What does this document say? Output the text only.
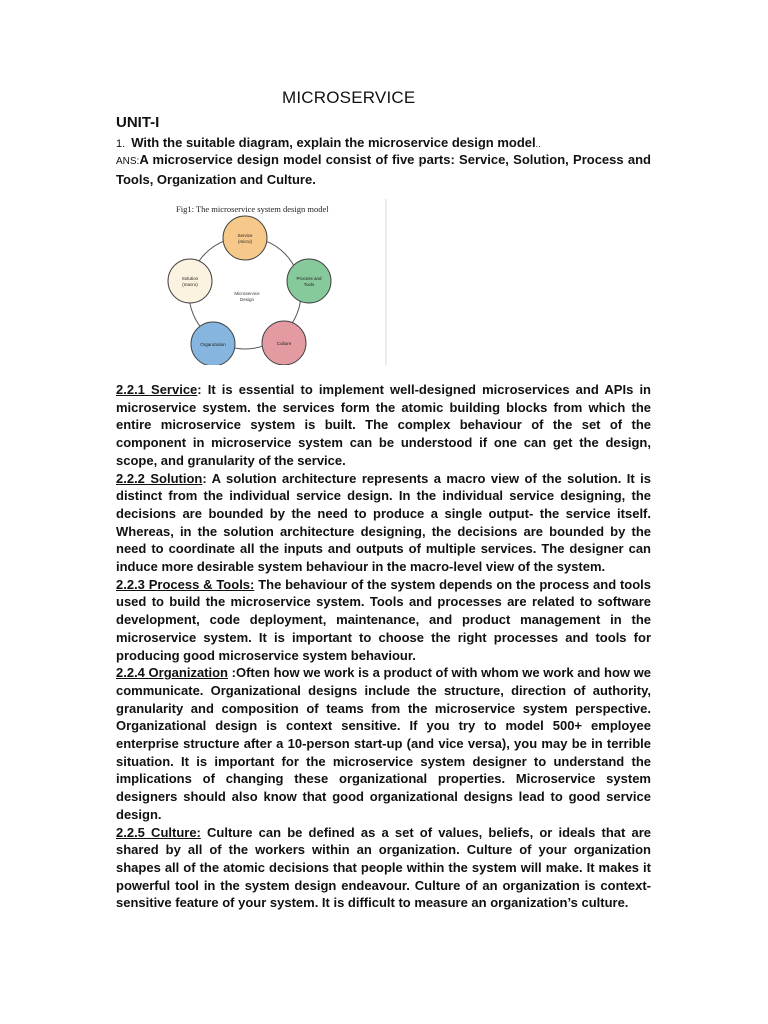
MICROSERVICE
UNIT-I
1. With the suitable diagram, explain the microservice design model..
ANS:A microservice design model consist of five parts: Service, Solution, Process and Tools, Organization and Culture.
Fig1: The microservice system design model
Microservice
Design
Service
(micro)
Process and
Tools
Culture
Organization
Solution
(macro)

2.2.1 Service: It is essential to implement well-designed microservices and APIs in microservice system. the services form the atomic building blocks from which the entire microservice system is built. The complex behaviour of the set of the component in microservice system can be understood if one can get the design, scope, and granularity of the service.

2.2.2 Solution: A solution architecture represents a macro view of the solution. It is distinct from the individual service design. In the individual service designing, the decisions are bounded by the need to produce a single output- the service itself. Whereas, in the solution architecture designing, the decisions are bounded by the need to coordinate all the inputs and outputs of multiple services. The designer can induce more desirable system behaviour in the macro-level view of the system.

2.2.3 Process & Tools: The behaviour of the system depends on the process and tools used to build the microservice system. Tools and processes are related to software development, code deployment, maintenance, and product management in the microservice system. It is important to choose the right processes and tools for producing good microservice system behaviour.

2.2.4 Organization :Often how we work is a product of with whom we work and how we communicate. Organizational designs include the structure, direction of authority, granularity and composition of teams from the microservice system perspective. Organizational design is context sensitive. If you try to model 500+ employee enterprise structure after a 10-person start-up (and vice versa), you may be in terrible situation. It is important for the microservice system designer to understand the implications of changing these organizational properties. Microservice system designers should also know that good organizational designs lead to good service design.

2.2.5 Culture: Culture can be defined as a set of values, beliefs, or ideals that are shared by all of the workers within an organization. Culture of your organization shapes all of the atomic decisions that people within the system will make. It makes it powerful tool in the system design endeavour. Culture of an organization is context-sensitive feature of your system. It is difficult to measure an organization’s culture.
